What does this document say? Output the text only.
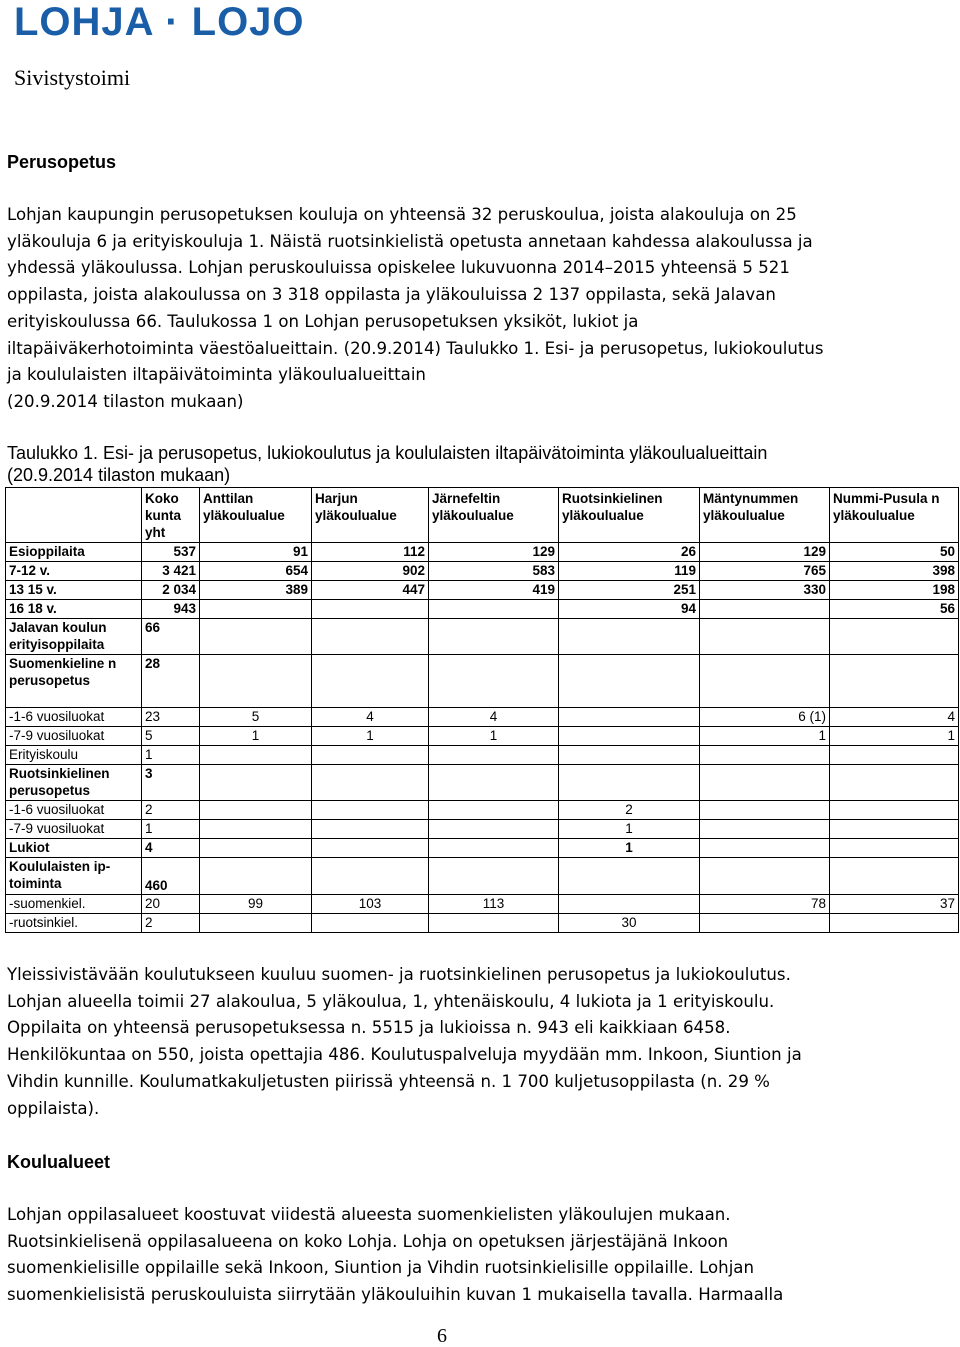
LOHJA · LOJO
Sivistystoimi
Perusopetus
Lohjan kaupungin perusopetuksen kouluja on yhteensä 32 peruskoulua, joista alakouluja on 25
yläkouluja 6 ja erityiskouluja 1. Näistä ruotsinkielistä opetusta annetaan kahdessa alakoulussa ja
yhdessä yläkoulussa. Lohjan peruskouluissa opiskelee lukuvuonna 2014–2015 yhteensä 5 521
oppilasta, joista alakoulussa on 3 318 oppilasta ja yläkouluissa 2 137 oppilasta, sekä Jalavan
erityiskoulussa 66. Taulukossa 1 on Lohjan perusopetuksen yksiköt, lukiot ja
iltapäiväkerhotoiminta väestöalueittain. (20.9.2014) Taulukko 1. Esi- ja perusopetus, lukiokoulutus
ja koululaisten iltapäivätoiminta yläkoulualueittain
(20.9.2014 tilaston mukaan)
Taulukko 1. Esi- ja perusopetus, lukiokoulutus ja koululaisten iltapäivätoiminta yläkoulualueittain
(20.9.2014 tilaston mukaan)
	Koko kunta yht	Anttilan yläkoulualue	Harjun yläkoulualue	Järnefeltin yläkoulualue	Ruotsinkielinen yläkoulualue	Mäntynummen yläkoulualue	Nummi-Pusula n yläkoulualue
Esioppilaita	537	91	112	129	26	129	50
7-12 v.	3 421	654	902	583	119	765	398
13 15 v.	2 034	389	447	419	251	330	198
16 18 v.	943				94		56
Jalavan koulun erityisoppilaita	66						
Suomenkieline n perusopetus	28						
-1-6 vuosiluokat	23	5	4	4		6 (1)	4
-7-9 vuosiluokat	5	1	1	1		1	1
Erityiskoulu	1						
Ruotsinkielinen perusopetus	3						
-1-6 vuosiluokat	2				2		
-7-9 vuosiluokat	1				1		
Lukiot	4				1		
Koululaisten ip-toiminta	460						
-suomenkiel.	20	99	103	113		78	37
-ruotsinkiel.	2				30		
Yleissivistävään koulutukseen kuuluu suomen- ja ruotsinkielinen perusopetus ja lukiokoulutus.
Lohjan alueella toimii 27 alakoulua, 5 yläkoulua, 1, yhtenäiskoulu, 4 lukiota ja 1 erityiskoulu.
Oppilaita on yhteensä perusopetuksessa n. 5515 ja lukioissa n. 943 eli kaikkiaan 6458.
Henkilökuntaa on 550, joista opettajia 486. Koulutuspalveluja myydään mm. Inkoon, Siuntion ja
Vihdin kunnille. Koulumatkakuljetusten piirissä yhteensä n. 1 700 kuljetusoppilasta (n. 29 %
oppilaista).
Koulualueet
Lohjan oppilasalueet koostuvat viidestä alueesta suomenkielisten yläkoulujen mukaan.
Ruotsinkielisenä oppilasalueena on koko Lohja. Lohja on opetuksen järjestäjänä Inkoon
suomenkielisille oppilaille sekä Inkoon, Siuntion ja Vihdin ruotsinkielisille oppilaille. Lohjan
suomenkielisistä peruskouluista siirrytään yläkouluihin kuvan 1 mukaisella tavalla. Harmaalla
6
